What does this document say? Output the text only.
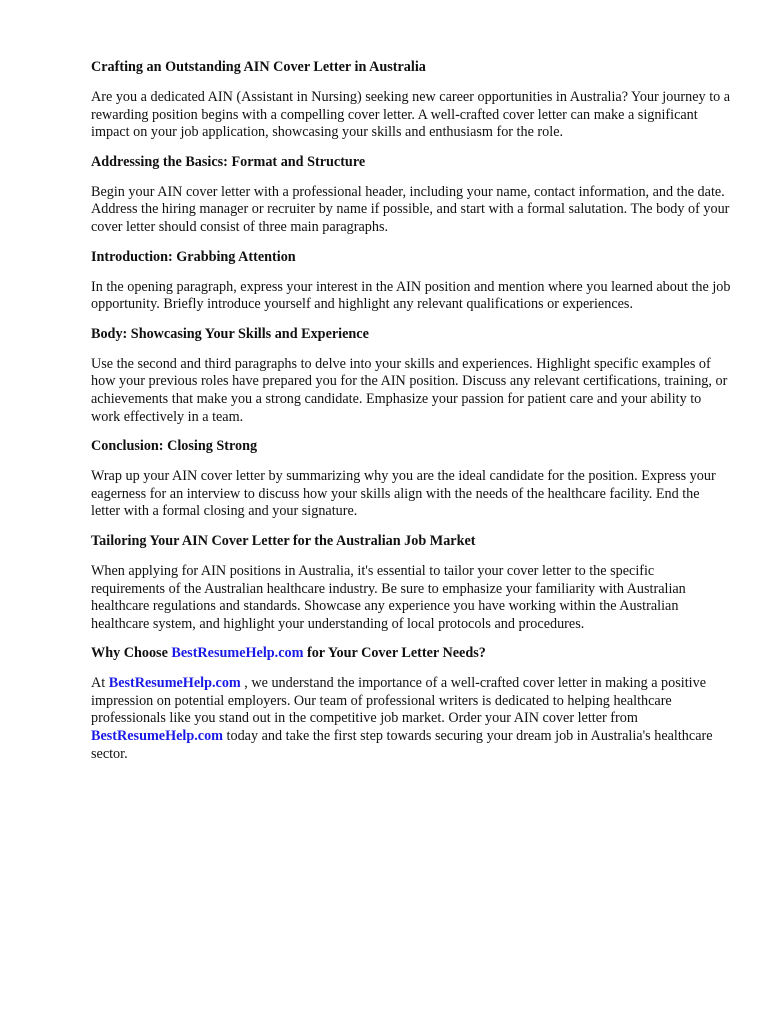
Crafting an Outstanding AIN Cover Letter in Australia

Are you a dedicated AIN (Assistant in Nursing) seeking new career opportunities in Australia? Your journey to a rewarding position begins with a compelling cover letter. A well-crafted cover letter can make a significant impact on your job application, showcasing your skills and enthusiasm for the role.

Addressing the Basics: Format and Structure

Begin your AIN cover letter with a professional header, including your name, contact information, and the date. Address the hiring manager or recruiter by name if possible, and start with a formal salutation. The body of your cover letter should consist of three main paragraphs.

Introduction: Grabbing Attention

In the opening paragraph, express your interest in the AIN position and mention where you learned about the job opportunity. Briefly introduce yourself and highlight any relevant qualifications or experiences.

Body: Showcasing Your Skills and Experience

Use the second and third paragraphs to delve into your skills and experiences. Highlight specific examples of how your previous roles have prepared you for the AIN position. Discuss any relevant certifications, training, or achievements that make you a strong candidate. Emphasize your passion for patient care and your ability to work effectively in a team.

Conclusion: Closing Strong

Wrap up your AIN cover letter by summarizing why you are the ideal candidate for the position. Express your eagerness for an interview to discuss how your skills align with the needs of the healthcare facility. End the letter with a formal closing and your signature.

Tailoring Your AIN Cover Letter for the Australian Job Market

When applying for AIN positions in Australia, it's essential to tailor your cover letter to the specific requirements of the Australian healthcare industry. Be sure to emphasize your familiarity with Australian healthcare regulations and standards. Showcase any experience you have working within the Australian healthcare system, and highlight your understanding of local protocols and procedures.

Why Choose BestResumeHelp.com for Your Cover Letter Needs?

At BestResumeHelp.com , we understand the importance of a well-crafted cover letter in making a positive impression on potential employers. Our team of professional writers is dedicated to helping healthcare professionals like you stand out in the competitive job market. Order your AIN cover letter from BestResumeHelp.com today and take the first step towards securing your dream job in Australia's healthcare sector.
